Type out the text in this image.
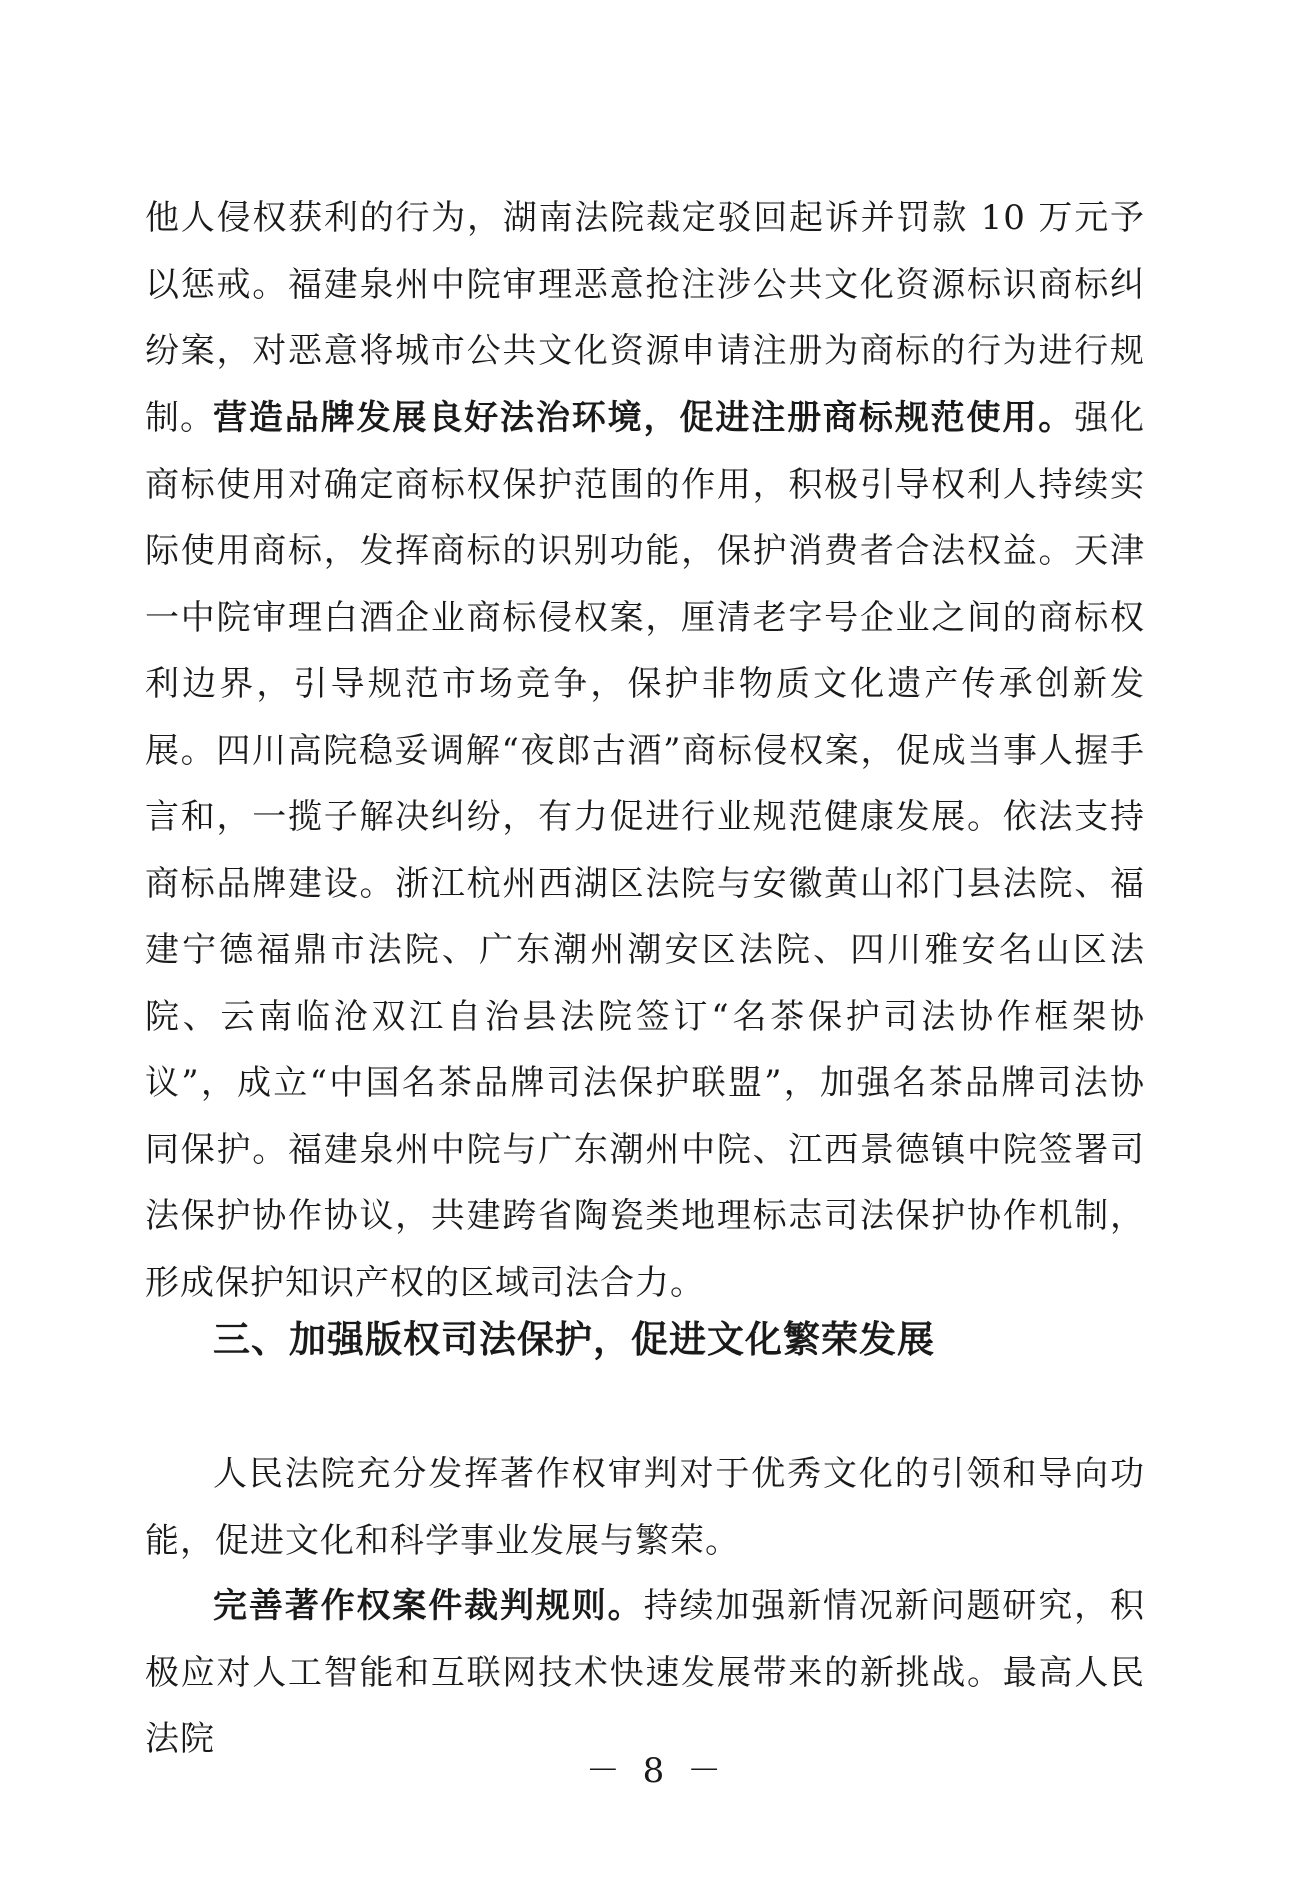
他人侵权获利的行为，湖南法院裁定驳回起诉并罚款 10 万元予以惩戒。福建泉州中院审理恶意抢注涉公共文化资源标识商标纠纷案，对恶意将城市公共文化资源申请注册为商标的行为进行规制。

营造品牌发展良好法治环境，促进注册商标规范使用。强化商标使用对确定商标权保护范围的作用，积极引导权利人持续实际使用商标，发挥商标的识别功能，保护消费者合法权益。天津一中院审理白酒企业商标侵权案，厘清老字号企业之间的商标权利边界，引导规范市场竞争，保护非物质文化遗产传承创新发展。四川高院稳妥调解“夜郎古酒”商标侵权案，促成当事人握手言和，一揽子解决纠纷，有力促进行业规范健康发展。依法支持商标品牌建设。浙江杭州西湖区法院与安徽黄山祁门县法院、福建宁德福鼎市法院、广东潮州潮安区法院、四川雅安名山区法院、云南临沧双江自治县法院签订“名茶保护司法协作框架协议”，成立“中国名茶品牌司法保护联盟”，加强名茶品牌司法协同保护。福建泉州中院与广东潮州中院、江西景德镇中院签署司法保护协作协议，共建跨省陶瓷类地理标志司法保护协作机制，形成保护知识产权的区域司法合力。

三、加强版权司法保护，促进文化繁荣发展

人民法院充分发挥著作权审判对于优秀文化的引领和导向功能，促进文化和科学事业发展与繁荣。

完善著作权案件裁判规则。持续加强新情况新问题研究，积极应对人工智能和互联网技术快速发展带来的新挑战。最高人民法院

－ 8 －
